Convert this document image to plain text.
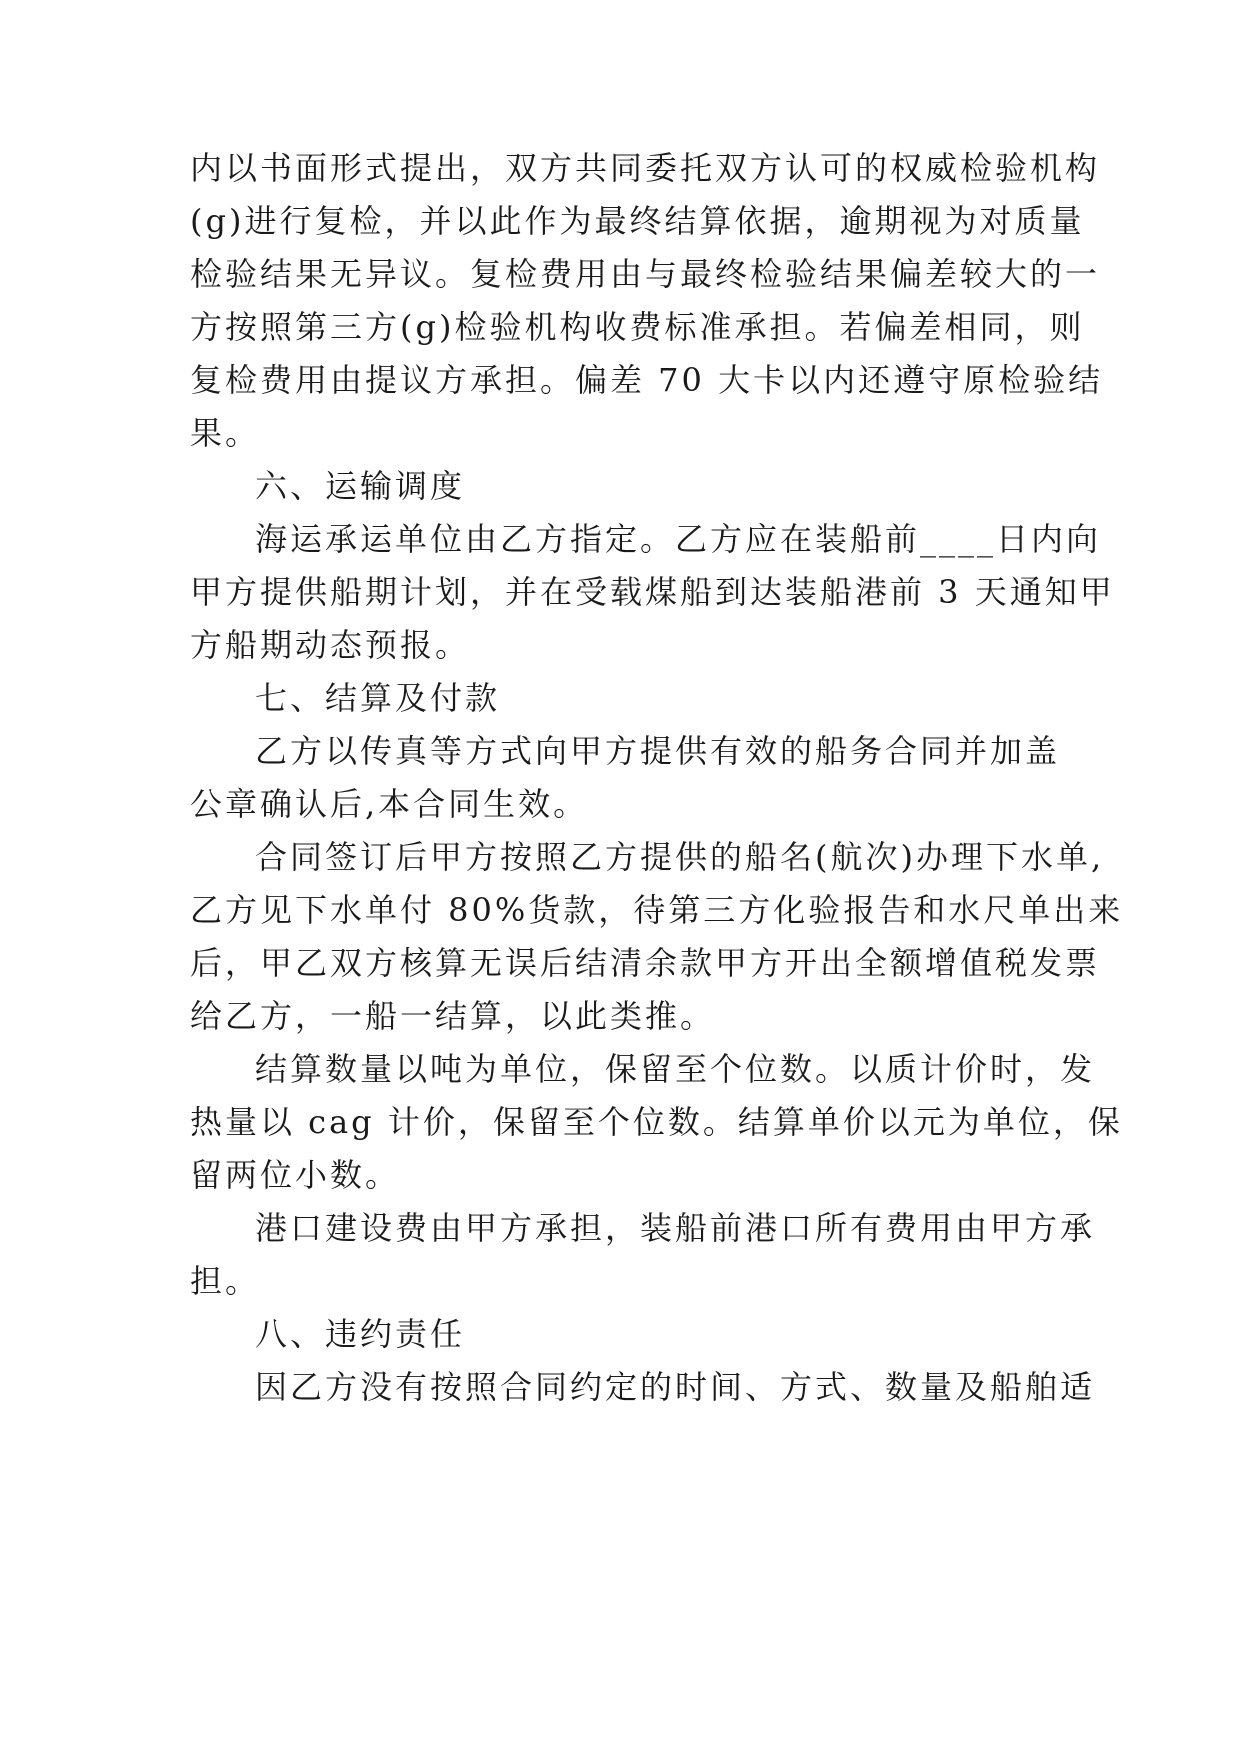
内以书面形式提出，双方共同委托双方认可的权威检验机构
(g)进行复检，并以此作为最终结算依据，逾期视为对质量
检验结果无异议。复检费用由与最终检验结果偏差较大的一
方按照第三方(g)检验机构收费标准承担。若偏差相同，则
复检费用由提议方承担。偏差 70 大卡以内还遵守原检验结
果。
六、运输调度
海运承运单位由乙方指定。乙方应在装船前____日内向
甲方提供船期计划，并在受载煤船到达装船港前 3 天通知甲
方船期动态预报。
七、结算及付款
乙方以传真等方式向甲方提供有效的船务合同并加盖
公章确认后,本合同生效。
合同签订后甲方按照乙方提供的船名(航次)办理下水单,
乙方见下水单付 80%货款，待第三方化验报告和水尺单出来
后，甲乙双方核算无误后结清余款甲方开出全额增值税发票
给乙方，一船一结算，以此类推。
结算数量以吨为单位，保留至个位数。以质计价时，发
热量以 cag 计价，保留至个位数。结算单价以元为单位，保
留两位小数。
港口建设费由甲方承担，装船前港口所有费用由甲方承
担。
八、违约责任
因乙方没有按照合同约定的时间、方式、数量及船舶适
